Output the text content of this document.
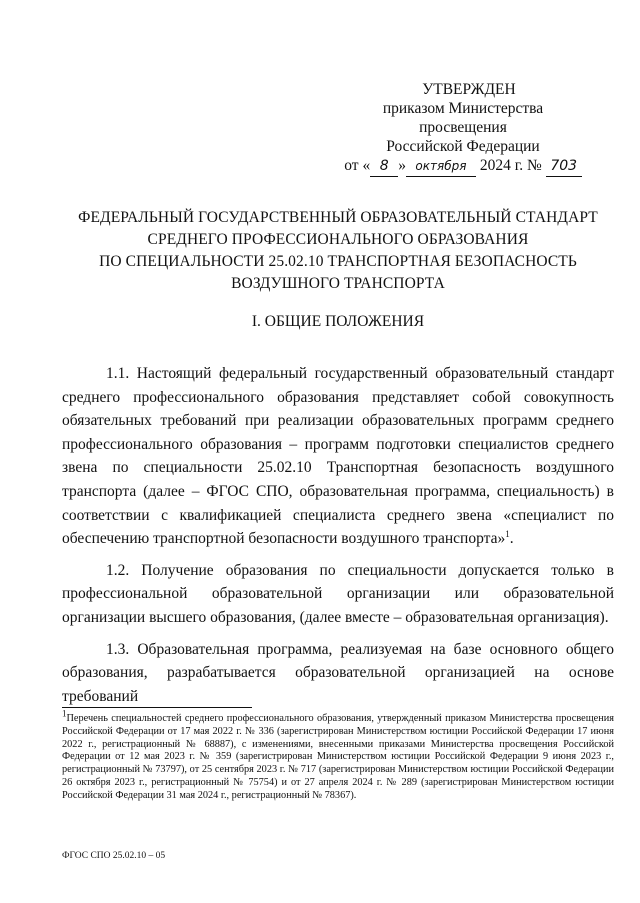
УТВЕРЖДЕН
приказом Министерства просвещения
Российской Федерации
от « 8 » октября 2024 г. № 703
ФЕДЕРАЛЬНЫЙ ГОСУДАРСТВЕННЫЙ ОБРАЗОВАТЕЛЬНЫЙ СТАНДАРТ
СРЕДНЕГО ПРОФЕССИОНАЛЬНОГО ОБРАЗОВАНИЯ
ПО СПЕЦИАЛЬНОСТИ 25.02.10 ТРАНСПОРТНАЯ БЕЗОПАСНОСТЬ
ВОЗДУШНОГО ТРАНСПОРТА
I. ОБЩИЕ ПОЛОЖЕНИЯ

1.1. Настоящий федеральный государственный образовательный стандарт среднего профессионального образования представляет собой совокупность обязательных требований при реализации образовательных программ среднего профессионального образования – программ подготовки специалистов среднего звена по специальности 25.02.10 Транспортная безопасность воздушного транспорта (далее – ФГОС СПО, образовательная программа, специальность) в соответствии с квалификацией специалиста среднего звена «специалист по обеспечению транспортной безопасности воздушного транспорта»$^1$.

1.2. Получение образования по специальности допускается только в профессиональной образовательной организации или образовательной организации высшего образования, (далее вместе – образовательная организация).

1.3. Образовательная программа, реализуемая на базе основного общего образования, разрабатывается образовательной организацией на основе требований

$^1$Перечень специальностей среднего профессионального образования, утвержденный приказом Министерства просвещения Российской Федерации от 17 мая 2022 г. № 336 (зарегистрирован Министерством юстиции Российской Федерации 17 июня 2022 г., регистрационный № 68887), с изменениями, внесенными приказами Министерства просвещения Российской Федерации от 12 мая 2023 г. № 359 (зарегистрирован Министерством юстиции Российской Федерации 9 июня 2023 г., регистрационный № 73797), от 25 сентября 2023 г. № 717 (зарегистрирован Министерством юстиции Российской Федерации 26 октября 2023 г., регистрационный № 75754) и от 27 апреля 2024 г. № 289 (зарегистрирован Министерством юстиции Российской Федерации 31 мая 2024 г., регистрационный № 78367).
ФГОС СПО 25.02.10 – 05
